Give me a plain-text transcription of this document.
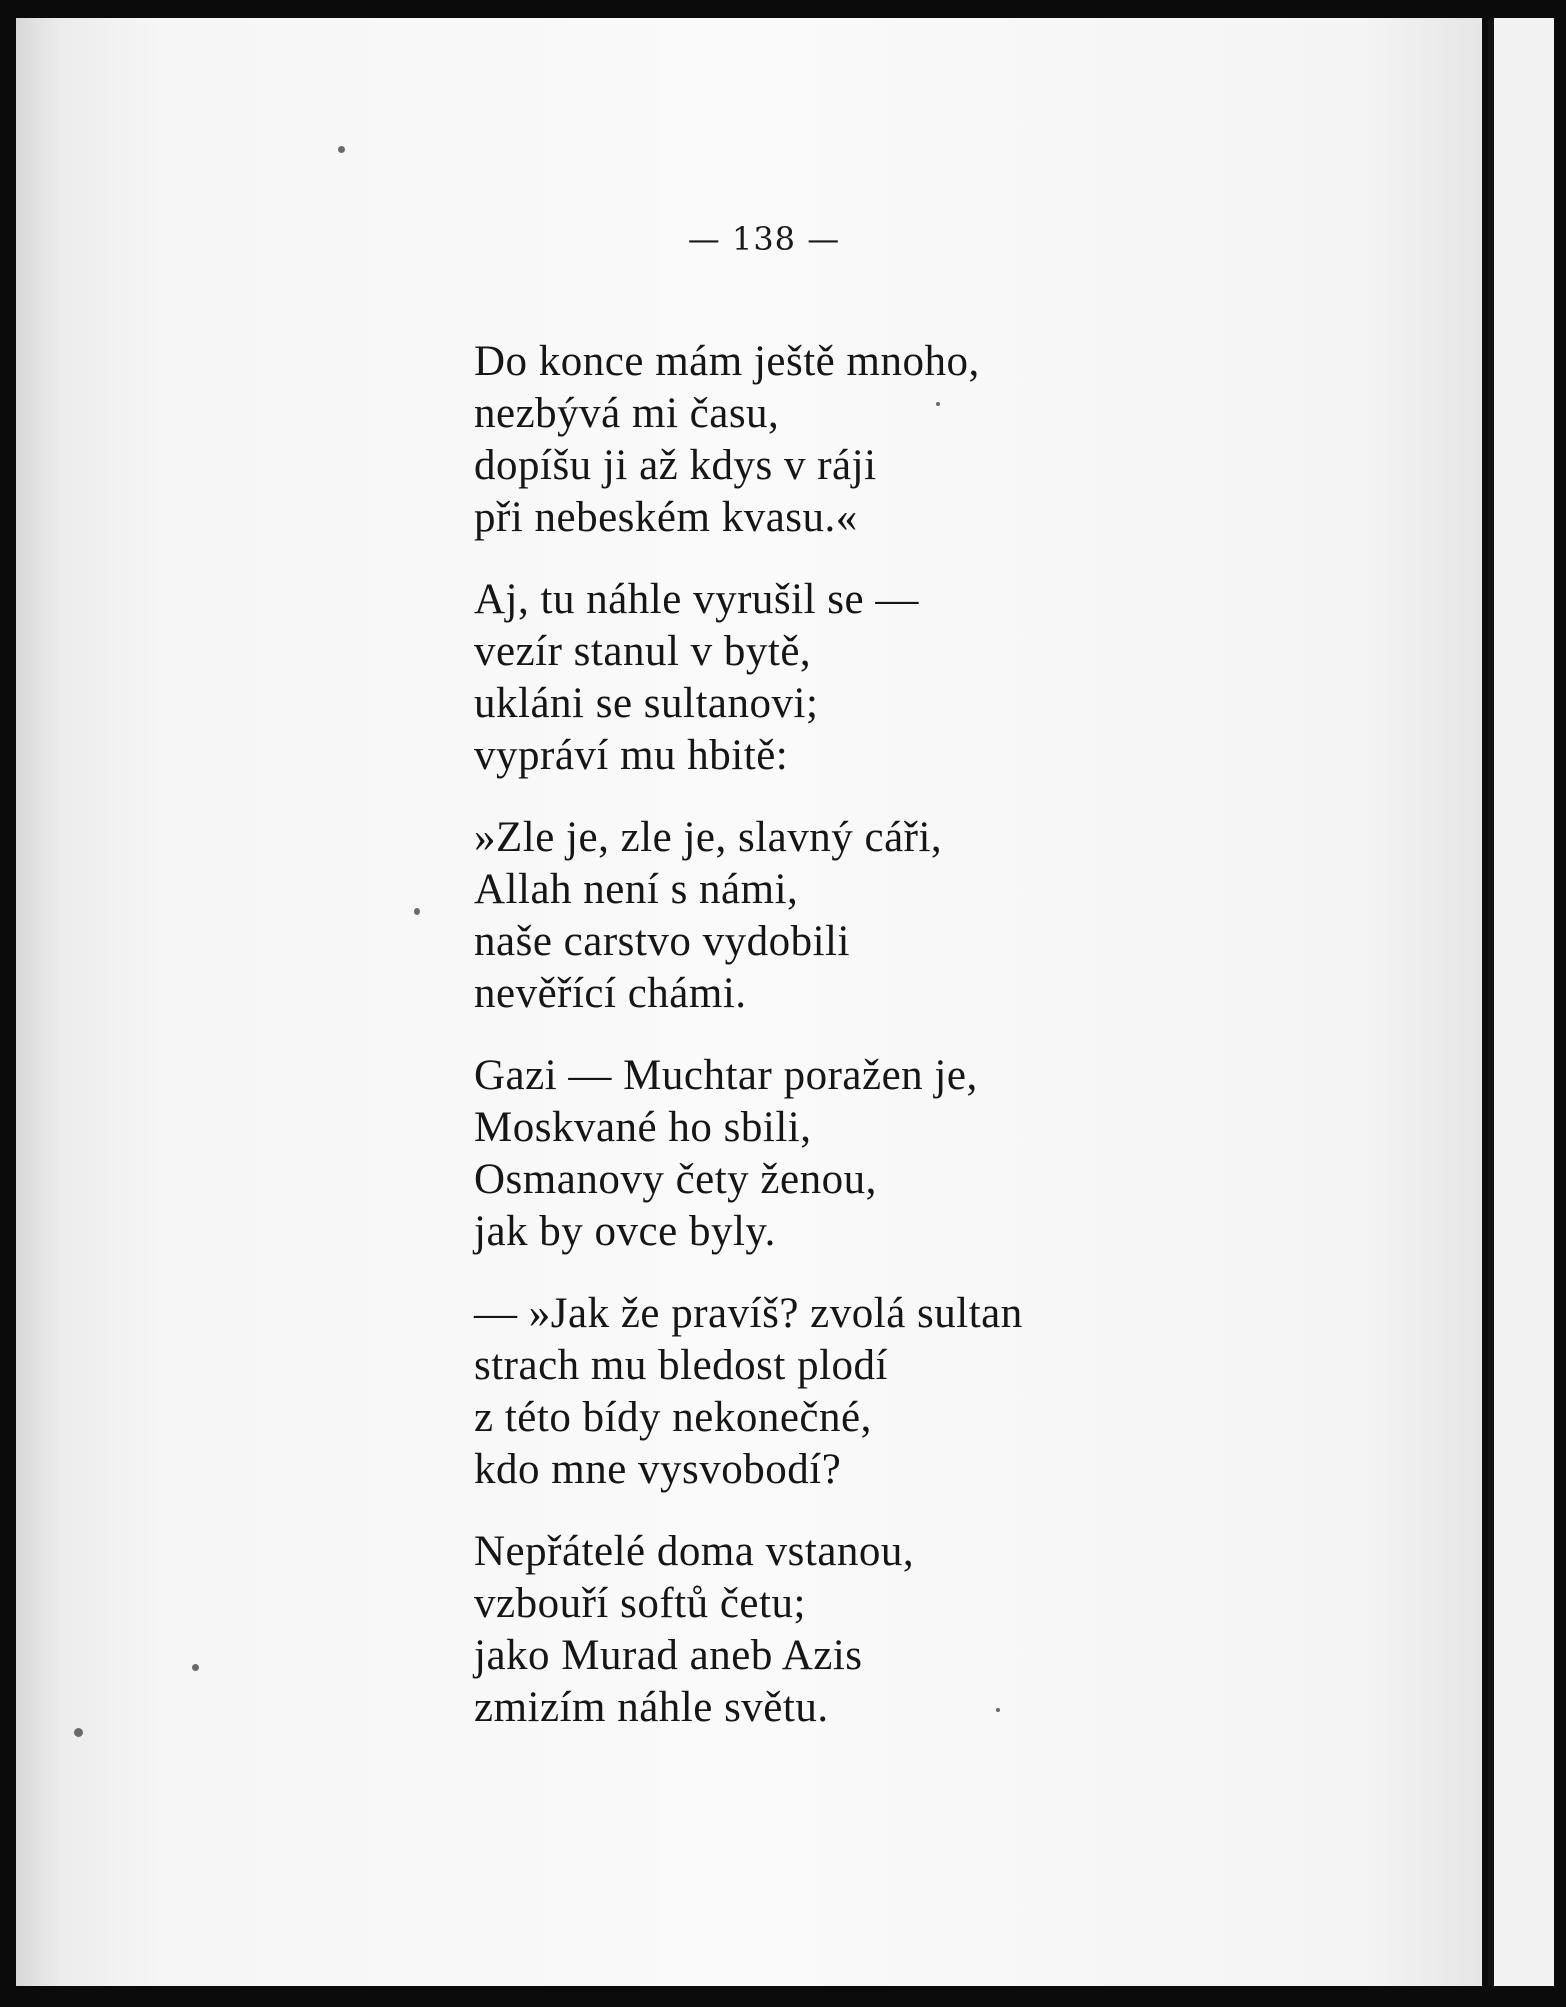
— 138 —
Do konce mám ještě mnoho,
nezbývá mi času,
dopíšu ji až kdys v ráji
při nebeském kvasu.«
Aj, tu náhle vyrušil se —
vezír stanul v bytě,
ukláni se sultanovi;
vypráví mu hbitě:
»Zle je, zle je, slavný cáři,
Allah není s námi,
naše carstvo vydobili
nevěřící chámi.
Gazi — Muchtar poražen je,
Moskvané ho sbili,
Osmanovy čety ženou,
jak by ovce byly.
— »Jak že pravíš? zvolá sultan
strach mu bledost plodí
z této bídy nekonečné,
kdo mne vysvobodí?
Nepřátelé doma vstanou,
vzbouří softů četu;
jako Murad aneb Azis
zmizím náhle světu.
